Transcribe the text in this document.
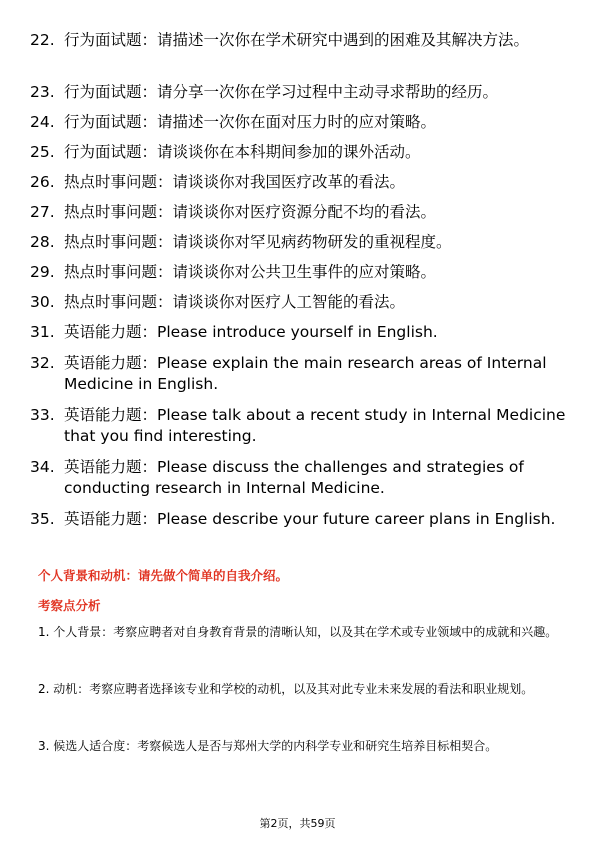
22. 行为面试题：请描述一次你在学术研究中遇到的困难及其解决方法。
23. 行为面试题：请分享一次你在学习过程中主动寻求帮助的经历。
24. 行为面试题：请描述一次你在面对压力时的应对策略。
25. 行为面试题：请谈谈你在本科期间参加的课外活动。
26. 热点时事问题：请谈谈你对我国医疗改革的看法。
27. 热点时事问题：请谈谈你对医疗资源分配不均的看法。
28. 热点时事问题：请谈谈你对罕见病药物研发的重视程度。
29. 热点时事问题：请谈谈你对公共卫生事件的应对策略。
30. 热点时事问题：请谈谈你对医疗人工智能的看法。
31. 英语能力题：Please introduce yourself in English.
32. 英语能力题：Please explain the main research areas of Internal Medicine in English.
33. 英语能力题：Please talk about a recent study in Internal Medicine that you find interesting.
34. 英语能力题：Please discuss the challenges and strategies of conducting research in Internal Medicine.
35. 英语能力题：Please describe your future career plans in English.
个人背景和动机：请先做个简单的自我介绍。
考察点分析
1. 个人背景：考察应聘者对自身教育背景的清晰认知，以及其在学术或专业领域中的成就和兴趣。
2. 动机：考察应聘者选择该专业和学校的动机，以及其对此专业未来发展的看法和职业规划。
3. 候选人适合度：考察候选人是否与郑州大学的内科学专业和研究生培养目标相契合。
第2页，共59页
